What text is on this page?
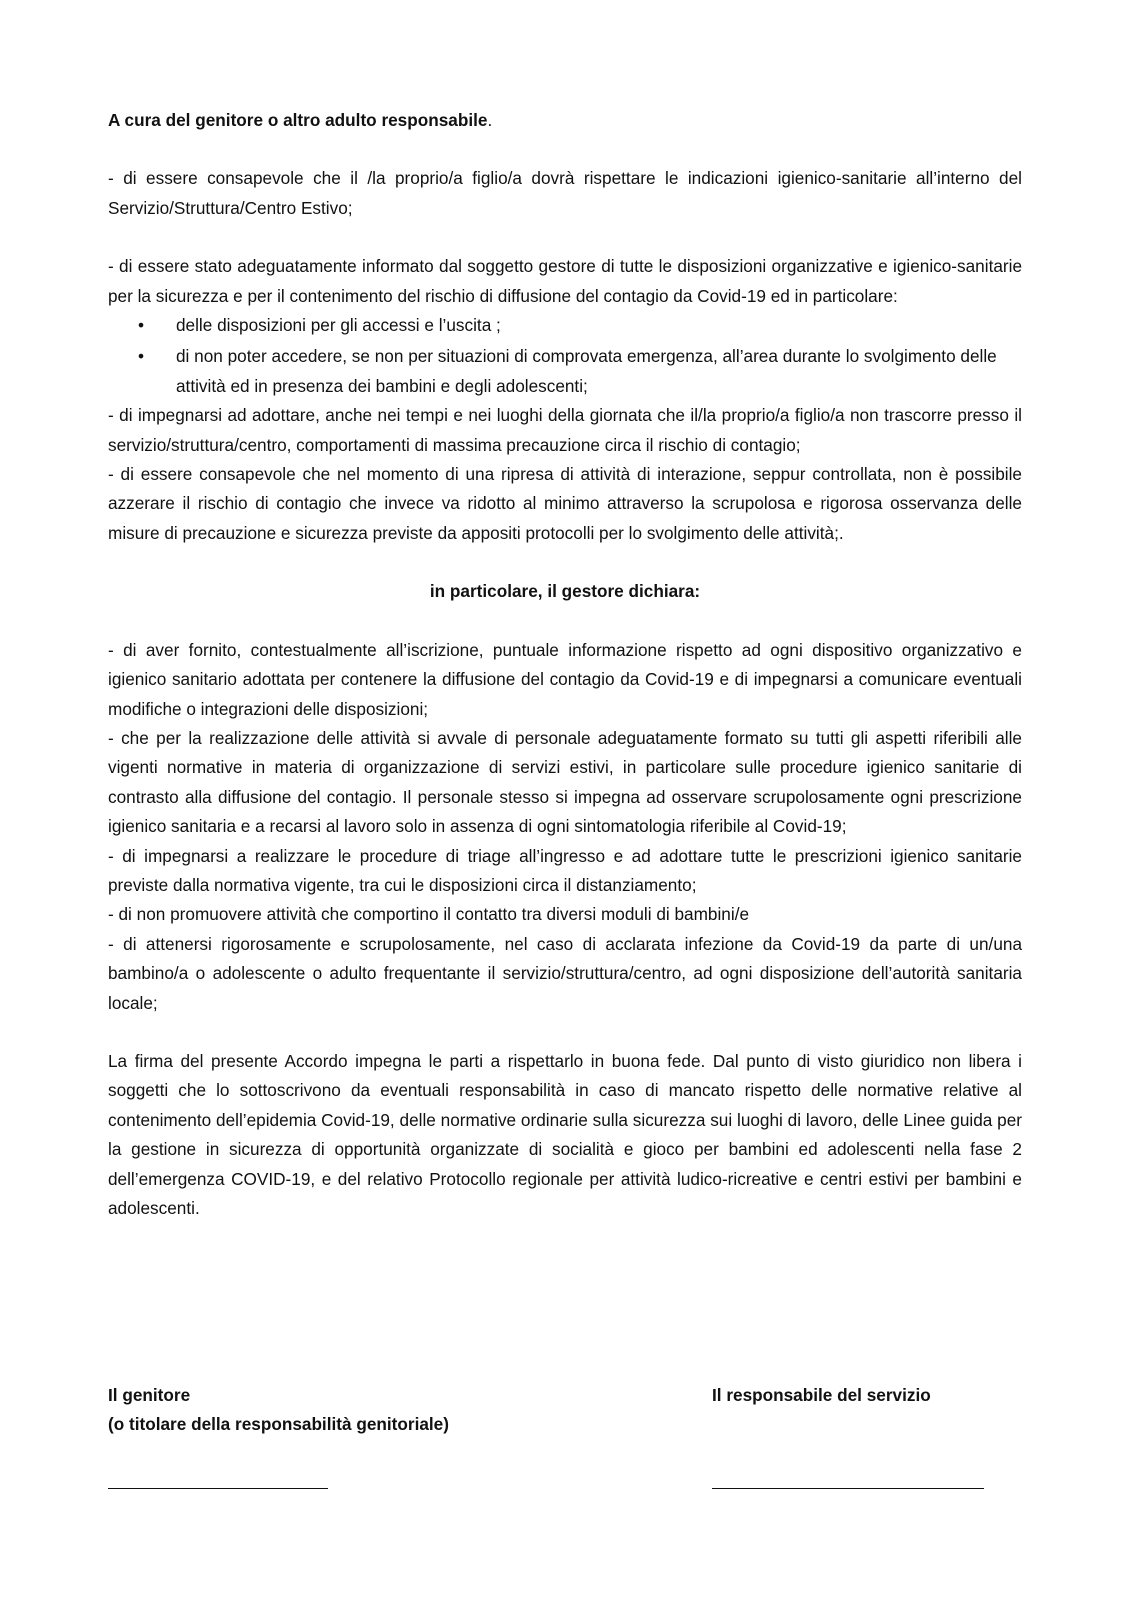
A cura del genitore o altro adulto responsabile.

- di essere consapevole che il /la proprio/a figlio/a dovrà rispettare le indicazioni igienico-sanitarie all’interno del Servizio/Struttura/Centro Estivo;

- di essere stato adeguatamente informato dal soggetto gestore di tutte le disposizioni organizzative e igienico-sanitarie per la sicurezza e per il contenimento del rischio di diffusione del contagio da Covid-19 ed in particolare:

• delle disposizioni per gli accessi e l’uscita ;
• di non poter accedere, se non per situazioni di comprovata emergenza, all’area durante lo svolgimento delle attività ed in presenza dei bambini e degli adolescenti;

- di impegnarsi ad adottare, anche nei tempi e nei luoghi della giornata che il/la proprio/a figlio/a non trascorre presso il servizio/struttura/centro, comportamenti di massima precauzione circa il rischio di contagio;

- di essere consapevole che nel momento di una ripresa di attività di interazione, seppur controllata, non è possibile azzerare il rischio di contagio che invece va ridotto al minimo attraverso la scrupolosa e rigorosa osservanza delle misure di precauzione e sicurezza previste da appositi protocolli per lo svolgimento delle attività;.

in particolare, il gestore dichiara:

- di aver fornito, contestualmente all’iscrizione, puntuale informazione rispetto ad ogni dispositivo organizzativo e igienico sanitario adottata per contenere la diffusione del contagio da Covid-19 e di impegnarsi a comunicare eventuali modifiche o integrazioni delle disposizioni;

- che per la realizzazione delle attività si avvale di personale adeguatamente formato su tutti gli aspetti riferibili alle vigenti normative in materia di organizzazione di servizi estivi, in particolare sulle procedure igienico sanitarie di contrasto alla diffusione del contagio. Il personale stesso si impegna ad osservare scrupolosamente ogni prescrizione igienico sanitaria e a recarsi al lavoro solo in assenza di ogni sintomatologia riferibile al Covid-19;

- di impegnarsi a realizzare le procedure di triage all’ingresso e ad adottare tutte le prescrizioni igienico sanitarie previste dalla normativa vigente, tra cui le disposizioni circa il distanziamento;

- di non promuovere attività che comportino il contatto tra diversi moduli di bambini/e

- di attenersi rigorosamente e scrupolosamente, nel caso di acclarata infezione da Covid-19 da parte di un/una bambino/a o adolescente o adulto frequentante il servizio/struttura/centro, ad ogni disposizione dell’autorità sanitaria locale;

La firma del presente Accordo impegna le parti a rispettarlo in buona fede. Dal punto di visto giuridico non libera i soggetti che lo sottoscrivono da eventuali responsabilità in caso di mancato rispetto delle normative relative al contenimento dell’epidemia Covid-19, delle normative ordinarie sulla sicurezza sui luoghi di lavoro, delle Linee guida per la gestione in sicurezza di opportunità organizzate di socialità e gioco per bambini ed adolescenti nella fase 2 dell’emergenza COVID-19, e del relativo Protocollo regionale per attività ludico-ricreative e centri estivi per bambini e adolescenti.

Il genitore
(o titolare della responsabilità genitoriale)
Il responsabile del servizio
